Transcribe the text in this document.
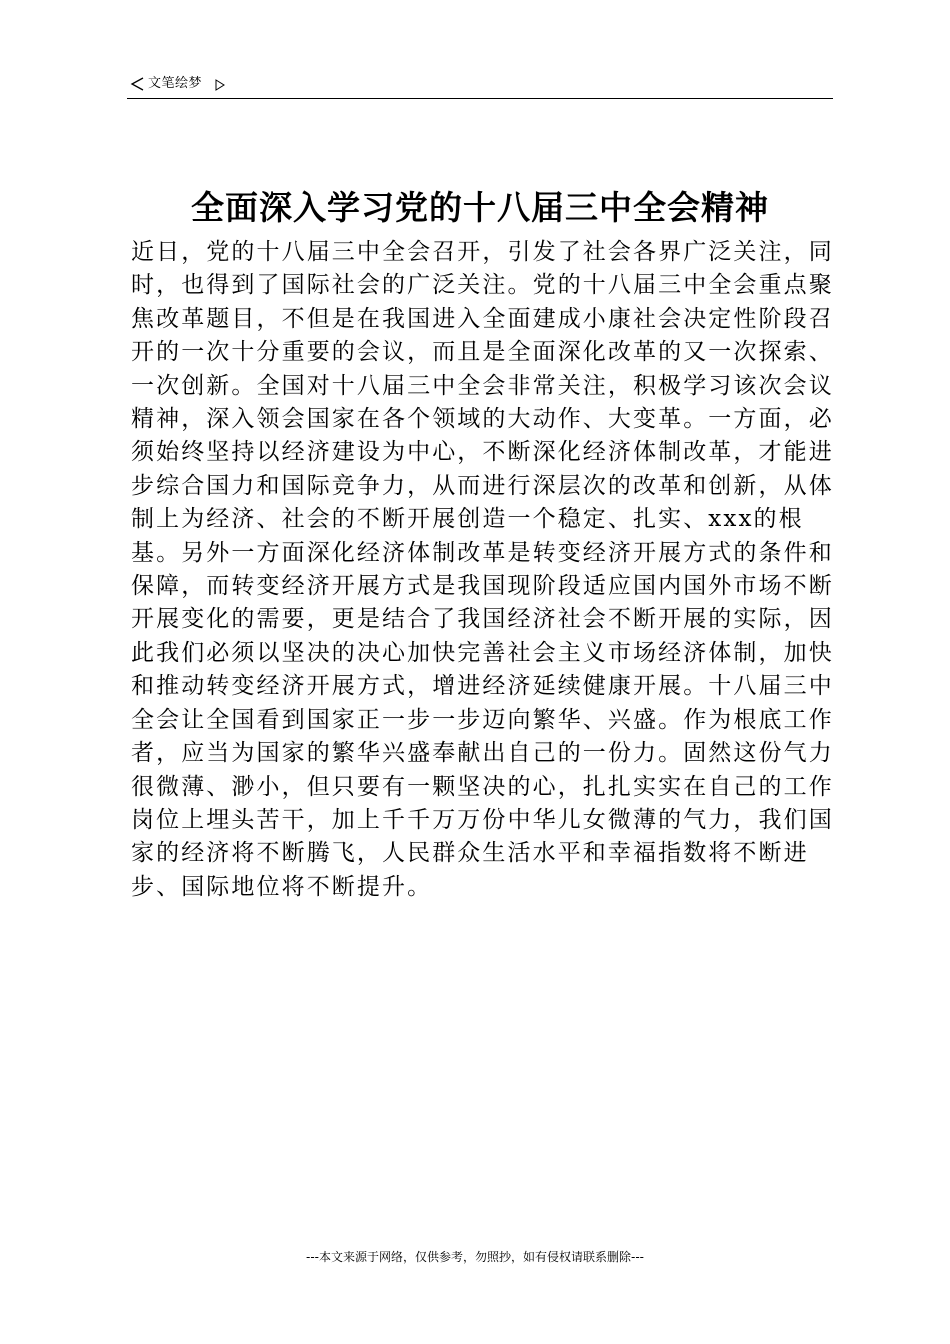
文笔绘梦
全面深入学习党的十八届三中全会精神

近日，党的十八届三中全会召开，引发了社会各界广泛关注，同时，也得到了国际社会的广泛关注。党的十八届三中全会重点聚焦改革题目，不但是在我国进入全面建成小康社会决定性阶段召开的一次十分重要的会议，而且是全面深化改革的又一次探索、一次创新。全国对十八届三中全会非常关注，积极学习该次会议精神，深入领会国家在各个领域的大动作、大变革。一方面，必须始终坚持以经济建设为中心，不断深化经济体制改革，才能进步综合国力和国际竞争力，从而进行深层次的改革和创新，从体制上为经济、社会的不断开展创造一个稳定、扎实、xxx的根基。另外一方面深化经济体制改革是转变经济开展方式的条件和保障，而转变经济开展方式是我国现阶段适应国内国外市场不断开展变化的需要，更是结合了我国经济社会不断开展的实际，因此我们必须以坚决的决心加快完善社会主义市场经济体制，加快和推动转变经济开展方式，增进经济延续健康开展。十八届三中全会让全国看到国家正一步一步迈向繁华、兴盛。作为根底工作者，应当为国家的繁华兴盛奉献出自己的一份力。固然这份气力很微薄、渺小，但只要有一颗坚决的心，扎扎实实在自己的工作岗位上埋头苦干，加上千千万万份中华儿女微薄的气力，我们国家的经济将不断腾飞，人民群众生活水平和幸福指数将不断进步、国际地位将不断提升。

---本文来源于网络，仅供参考，勿照抄，如有侵权请联系删除---
